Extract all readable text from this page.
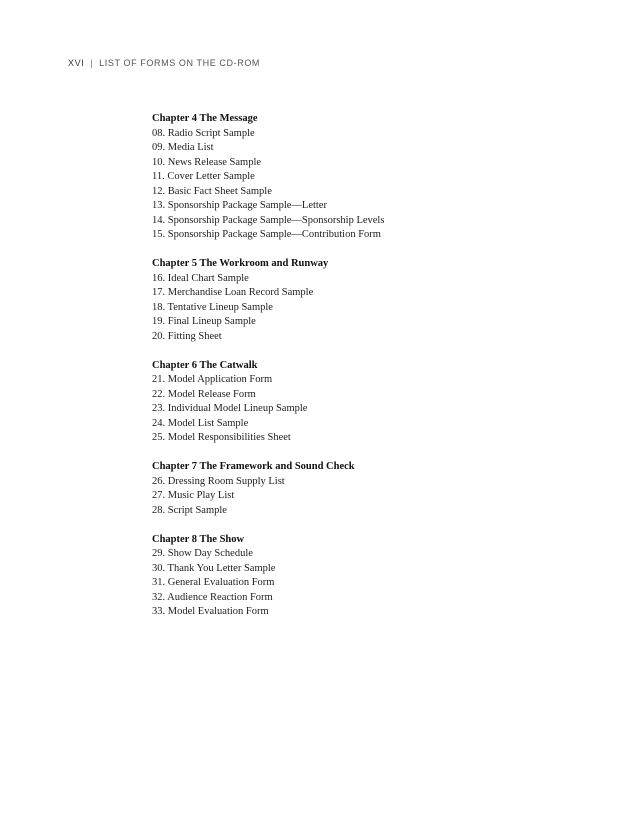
XVI | LIST OF FORMS ON THE CD-ROM
Chapter 4 The Message
08. Radio Script Sample
09. Media List
10. News Release Sample
11. Cover Letter Sample
12. Basic Fact Sheet Sample
13. Sponsorship Package Sample—Letter
14. Sponsorship Package Sample—Sponsorship Levels
15. Sponsorship Package Sample—Contribution Form
Chapter 5 The Workroom and Runway
16. Ideal Chart Sample
17. Merchandise Loan Record Sample
18. Tentative Lineup Sample
19. Final Lineup Sample
20. Fitting Sheet
Chapter 6 The Catwalk
21. Model Application Form
22. Model Release Form
23. Individual Model Lineup Sample
24. Model List Sample
25. Model Responsibilities Sheet
Chapter 7 The Framework and Sound Check
26. Dressing Room Supply List
27. Music Play List
28. Script Sample
Chapter 8 The Show
29. Show Day Schedule
30. Thank You Letter Sample
31. General Evaluation Form
32. Audience Reaction Form
33. Model Evaluation Form
